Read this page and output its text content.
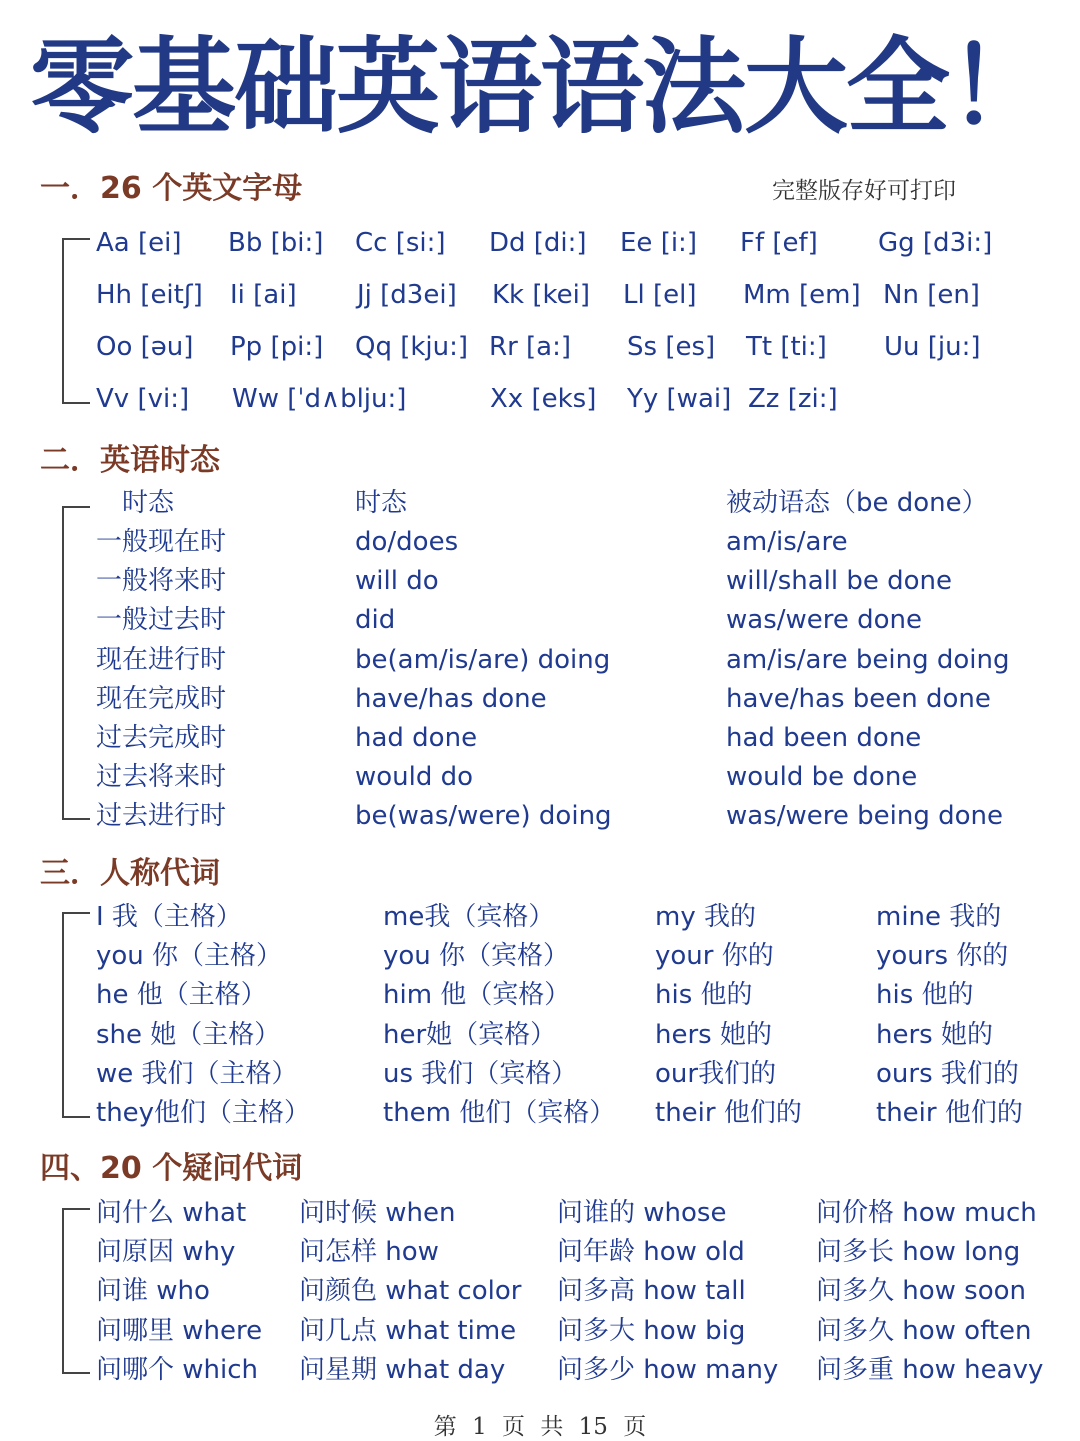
零基础英语语法大全！
一．26 个英文字母	完整版存好可打印
Aa [ei] Bb [bi:] Cc [si:] Dd [di:] Ee [i:] Ff [ef] Gg [d3i:]
Hh [eitʃ] Ii [ai] Jj [d3ei] Kk [kei] Ll [el] Mm [em] Nn [en]
Oo [əu] Pp [pi:] Qq [kju:] Rr [a:] Ss [es] Tt [ti:] Uu [ju:]
Vv [vi:] Ww [ˈd∧blju:]	Xx [eks] Yy [wai] Zz [zi:]
二．英语时态
时态	时态	被动语态（be done）
一般现在时	do/does	am/is/are
一般将来时	will do	will/shall be done
一般过去时	did	was/were done
现在进行时	be(am/is/are) doing	am/is/are being doing
现在完成时	have/has done	have/has been done
过去完成时	had done	had been done
过去将来时	would do	would be done
过去进行时	be(was/were) doing	was/were being done
三．人称代词
I 我（主格）	me我（宾格）	my 我的	mine 我的
you 你（主格）	you 你（宾格）	your 你的	yours 你的
he 他（主格）	him 他（宾格）	his 他的	his 他的
she 她（主格）	her她（宾格）	hers 她的	hers 她的
we 我们（主格）	us 我们（宾格）	our我们的	ours 我们的
they他们（主格）	them 他们（宾格） their 他们的	their 他们的
四、20 个疑问代词
问什么 what 问时候 when	问谁的 whose	问价格 how much
问原因 why 问怎样 how	问年龄 how old	问多长 how long
问谁 who	问颜色 what color 问多高 how tall	问多久 how soon
问哪里 where 问几点 what time 问多大 how big	问多久 how often
问哪个 which 问星期 what day 问多少 how many 问多重 how heavy
第 1 页 共 15 页
